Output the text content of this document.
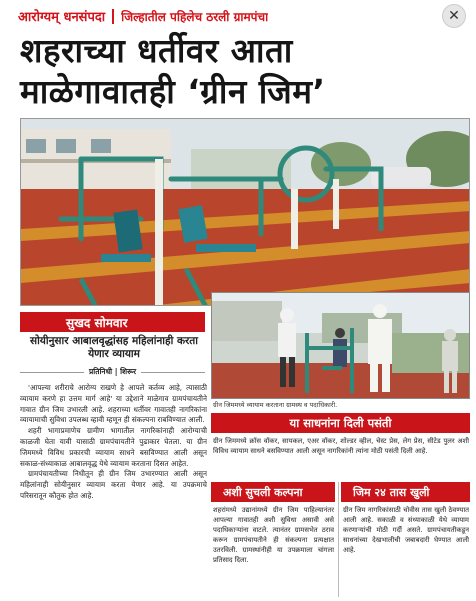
आरोग्यम् धनसंपदा जिल्हातील पहिलेच ठरली ग्रामपंचा	✕
शहराच्या धर्तीवर आता
माळेगावातही ‘ग्रीन जिम’
सुखद सोमवार
सोयीनुसार आबालवृद्धांसह महिलांनाही करता येणार व्यायाम
प्रतिनिधी | शिरूर

'आपल्या शरीराचे आरोग्य राखणे हे आपले कर्तव्य आहे, त्यासाठी व्यायाम करणे हा उत्तम मार्ग आहे' या उद्देशाने माळेगाव ग्रामपंचायतीने गावात ग्रीन जिम उभारली आहे. शहराच्या धर्तीवर गावातही नागरिकांना व्यायामाची सुविधा उपलब्ध व्हावी म्हणून ही संकल्पना राबविण्यात आली.

शहरी भागाप्रमाणेच ग्रामीण भागातील नागरिकांनाही आरोग्याची काळजी घेता यावी यासाठी ग्रामपंचायतीने पुढाकार घेतला. या ग्रीन जिममध्ये विविध प्रकारची व्यायाम साधने बसविण्यात आली असून सकाळ-संध्याकाळ आबालवृद्ध येथे व्यायाम करताना दिसत आहेत.

ग्रामपंचायतीच्या निधीतून ही ग्रीन जिम उभारण्यात आली असून महिलांनाही सोयीनुसार व्यायाम करता येणार आहे. या उपक्रमाचे परिसरातून कौतुक होत आहे.

ग्रीन जिममध्ये व्यायाम करताना ग्रामस्थ व पदाधिकारी.
या साधनांना दिली पसंती
ग्रीन जिममध्ये क्रॉस वॉकर, सायकल, एअर वॉकर, शोल्डर व्हील, चेस्ट प्रेस, लेग प्रेस, सीटेड पुलर अशी विविध व्यायाम साधने बसविण्यात आली असून नागरिकांनी त्यांना मोठी पसंती दिली आहे.
अशी सुचली कल्पना
शहरांमध्ये उद्यानांमध्ये ग्रीन जिम पाहिल्यानंतर आपल्या गावातही अशी सुविधा असावी असे पदाधिकाऱ्यांना वाटले. त्यानंतर ग्रामसभेत ठराव करून ग्रामपंचायतीने ही संकल्पना प्रत्यक्षात उतरविली. ग्रामस्थांनीही या उपक्रमाला चांगला प्रतिसाद दिला.
जिम २४ तास खुली
ग्रीन जिम नागरिकांसाठी चोवीस तास खुली ठेवण्यात आली आहे. सकाळी व संध्याकाळी येथे व्यायाम करणाऱ्यांची मोठी गर्दी असते. ग्रामपंचायतीकडून साधनांच्या देखभालीची जबाबदारी घेण्यात आली आहे.
